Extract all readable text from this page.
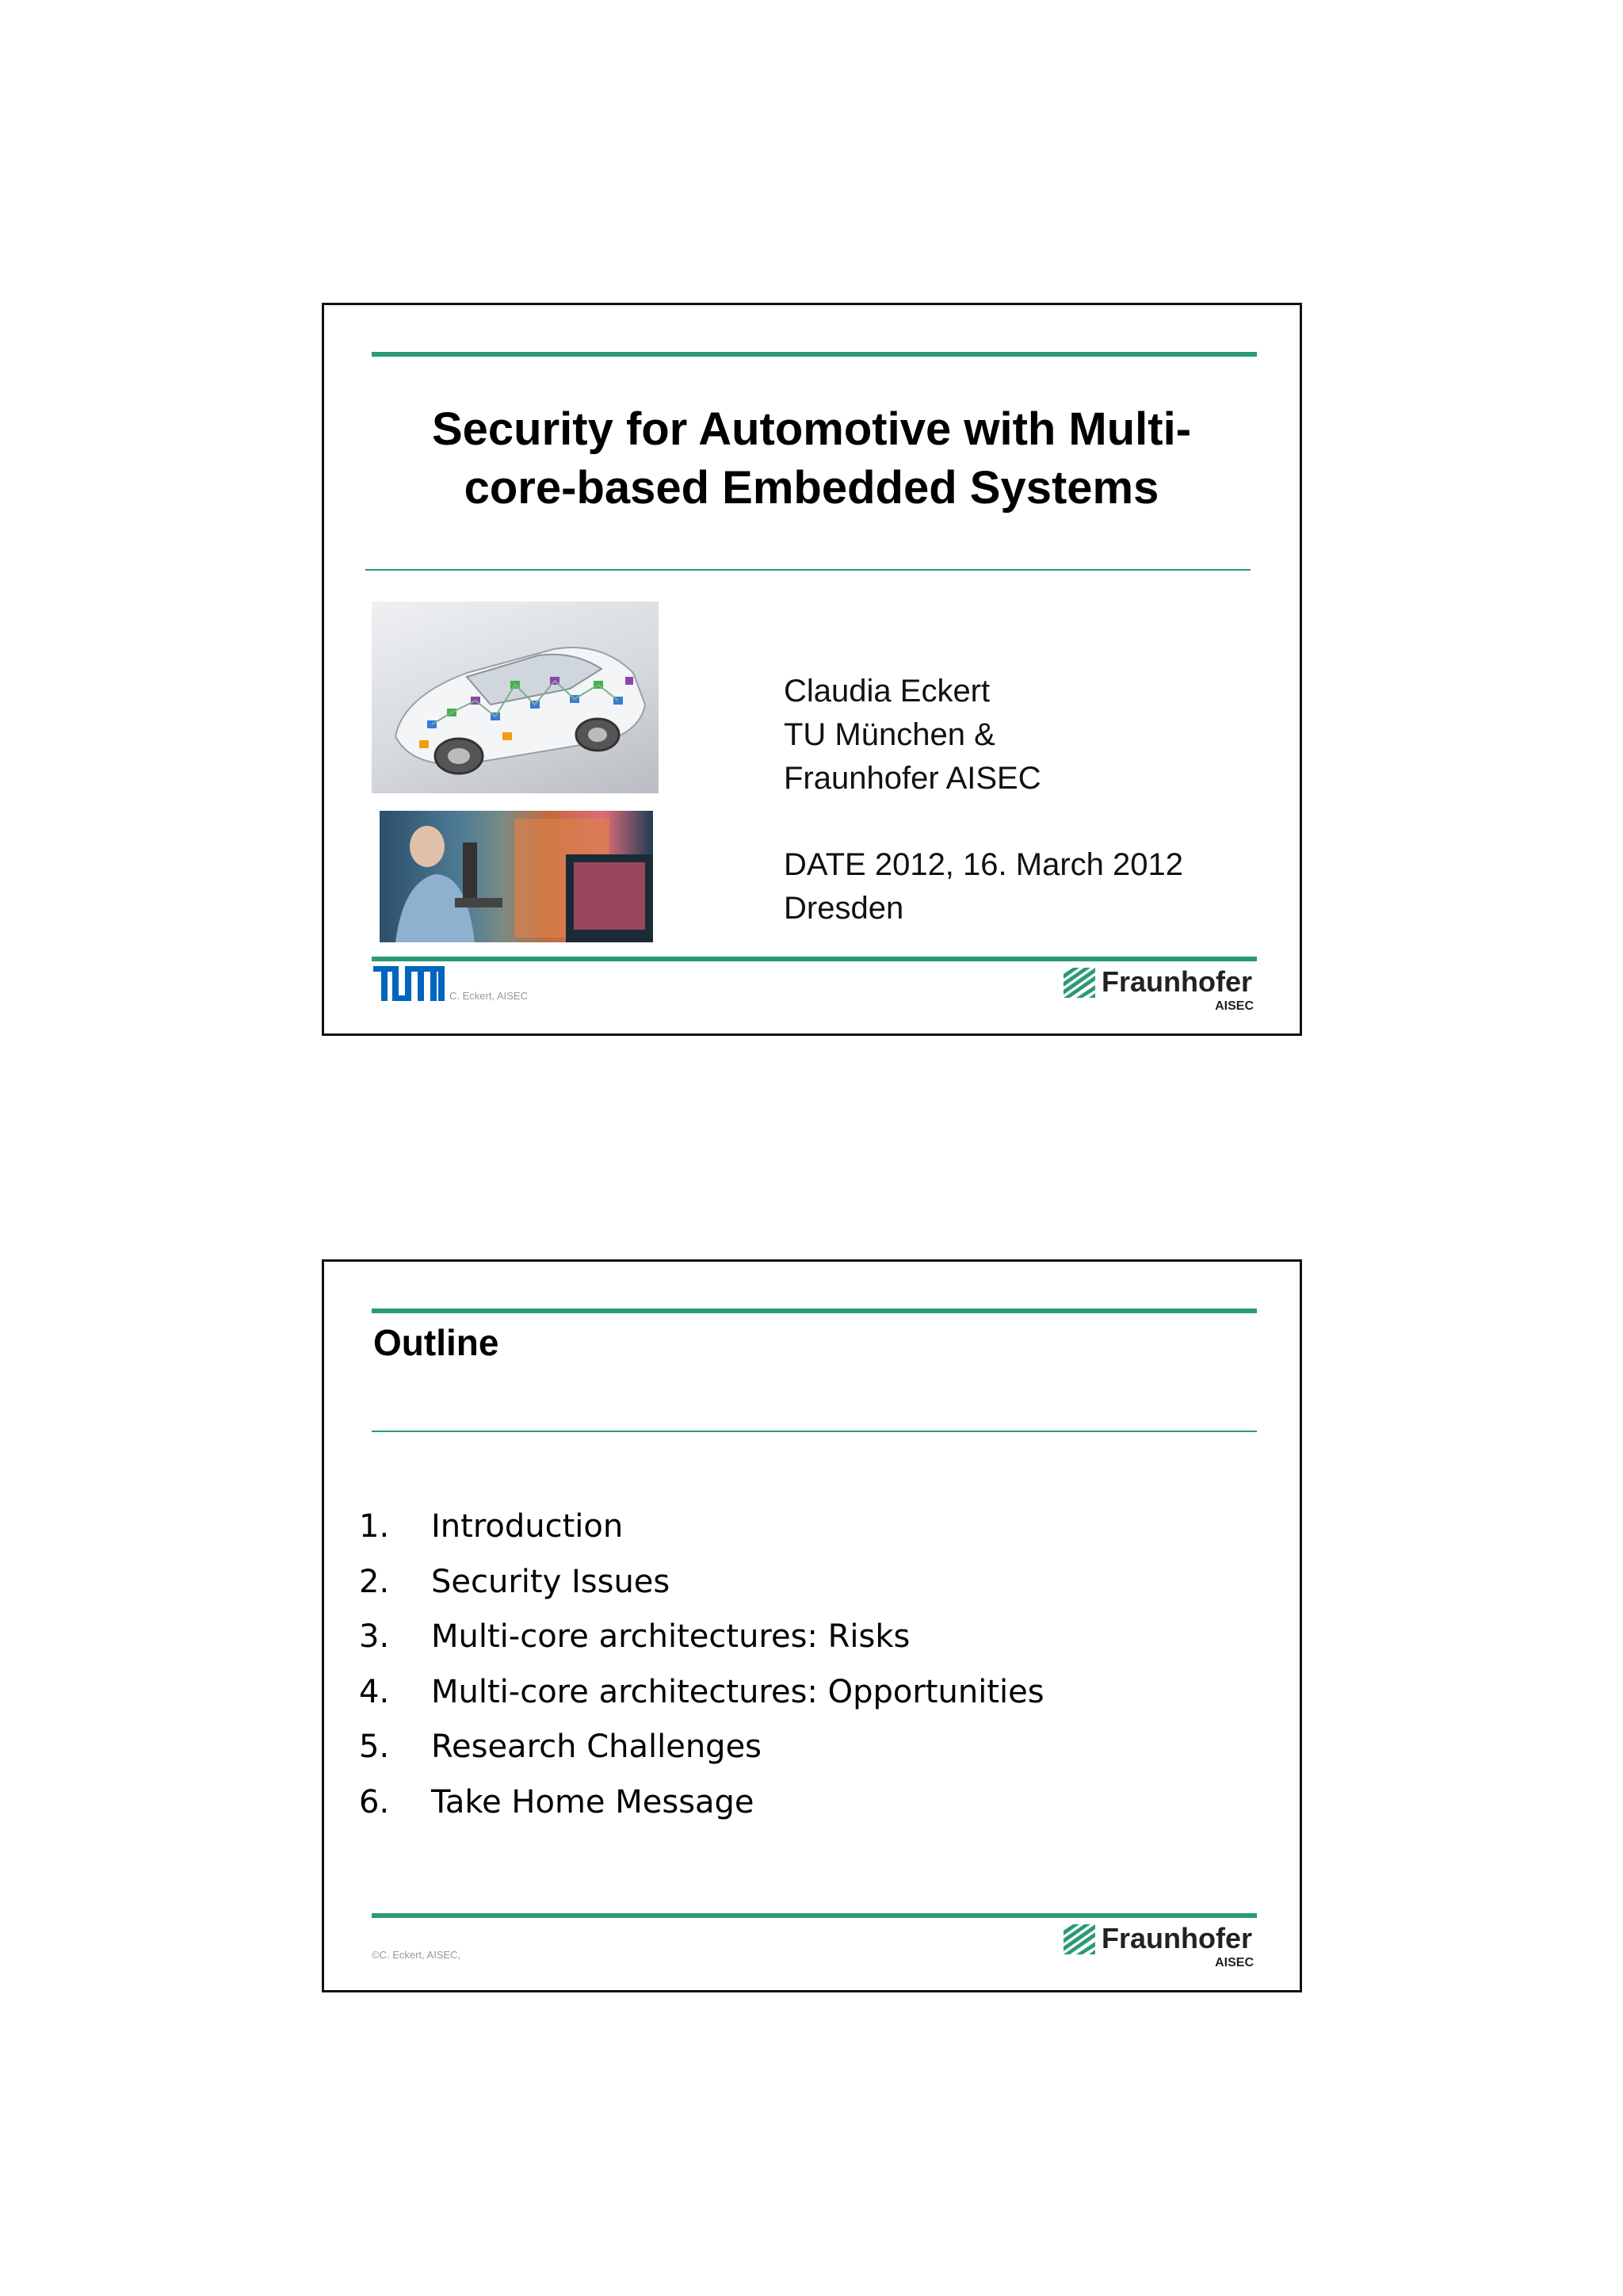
Security for Automotive with Multi-
core-based Embedded Systems
Claudia Eckert
TU München &
Fraunhofer AISEC
DATE 2012, 16. March 2012
Dresden
C. Eckert, AISEC	Fraunhofer
AISEC
Outline
1. Introduction
2. Security Issues
3. Multi-core architectures: Risks
4. Multi-core architectures: Opportunities
5. Research Challenges
6. Take Home Message
©C. Eckert, AISEC,
Fraunhofer
AISEC
